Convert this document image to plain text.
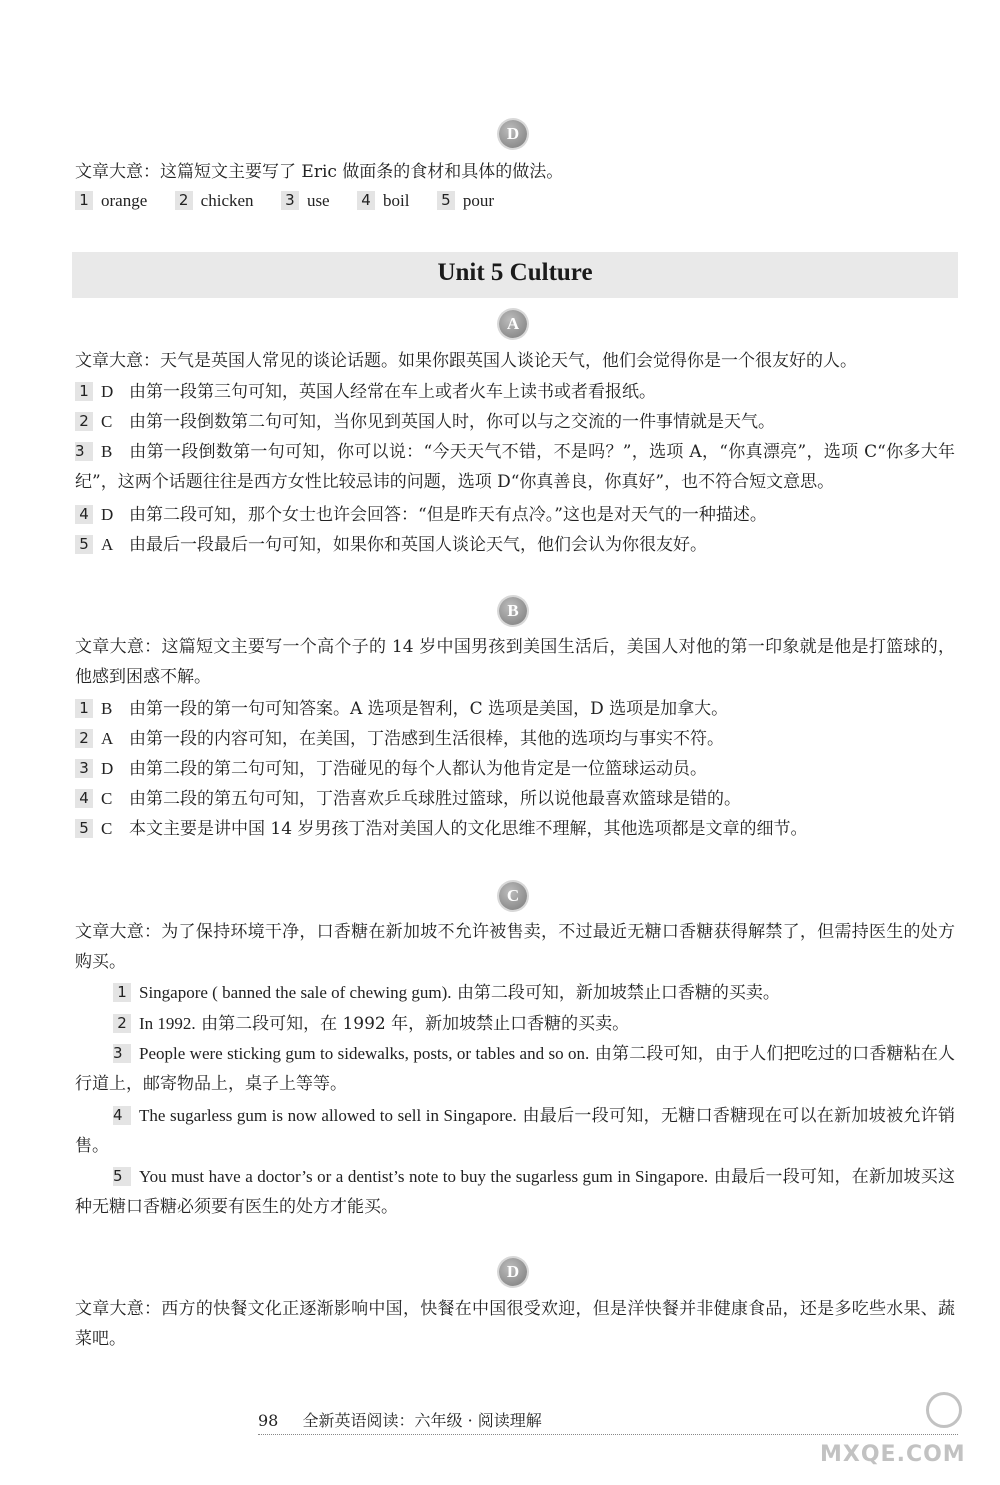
D
文章大意：这篇短文主要写了 Eric 做面条的食材和具体的做法。
1 orange 2 chicken 3 use 4 boil 5 pour
Unit 5 Culture
A
文章大意：天气是英国人常见的谈论话题。如果你跟英国人谈论天气，他们会觉得你是一个很友好的人。
1 D 由第一段第三句可知，英国人经常在车上或者火车上读书或者看报纸。
2 C 由第一段倒数第二句可知，当你见到英国人时，你可以与之交流的一件事情就是天气。
3 B 由第一段倒数第一句可知，你可以说：“今天天气不错，不是吗？”，选项 A，“你真漂亮”，选项 C“你多大年纪”，这两个话题往往是西方女性比较忌讳的问题，选项 D“你真善良，你真好”，也不符合短文意思。
4 D 由第二段可知，那个女士也许会回答：“但是昨天有点冷。”这也是对天气的一种描述。
5 A 由最后一段最后一句可知，如果你和英国人谈论天气，他们会认为你很友好。
B
文章大意：这篇短文主要写一个高个子的 14 岁中国男孩到美国生活后，美国人对他的第一印象就是他是打篮球的，他感到困惑不解。
1 B 由第一段的第一句可知答案。A 选项是智利，C 选项是美国，D 选项是加拿大。
2 A 由第一段的内容可知，在美国，丁浩感到生活很棒，其他的选项均与事实不符。
3 D 由第二段的第二句可知，丁浩碰见的每个人都认为他肯定是一位篮球运动员。
4 C 由第二段的第五句可知，丁浩喜欢乒乓球胜过篮球，所以说他最喜欢篮球是错的。
5 C 本文主要是讲中国 14 岁男孩丁浩对美国人的文化思维不理解，其他选项都是文章的细节。
C
文章大意：为了保持环境干净，口香糖在新加坡不允许被售卖，不过最近无糖口香糖获得解禁了，但需持医生的处方购买。
1 Singapore ( banned the sale of chewing gum). 由第二段可知，新加坡禁止口香糖的买卖。
2 In 1992. 由第二段可知，在 1992 年，新加坡禁止口香糖的买卖。
3 People were sticking gum to sidewalks, posts, or tables and so on. 由第二段可知，由于人们把吃过的口香糖粘在人行道上，邮寄物品上，桌子上等等。
4 The sugarless gum is now allowed to sell in Singapore. 由最后一段可知，无糖口香糖现在可以在新加坡被允许销售。
5 You must have a doctor’s or a dentist’s note to buy the sugarless gum in Singapore. 由最后一段可知，在新加坡买这种无糖口香糖必须要有医生的处方才能买。
D
文章大意：西方的快餐文化正逐渐影响中国，快餐在中国很受欢迎，但是洋快餐并非健康食品，还是多吃些水果、蔬菜吧。
98 全新英语阅读：六年级 · 阅读理解
MXQE.COM
